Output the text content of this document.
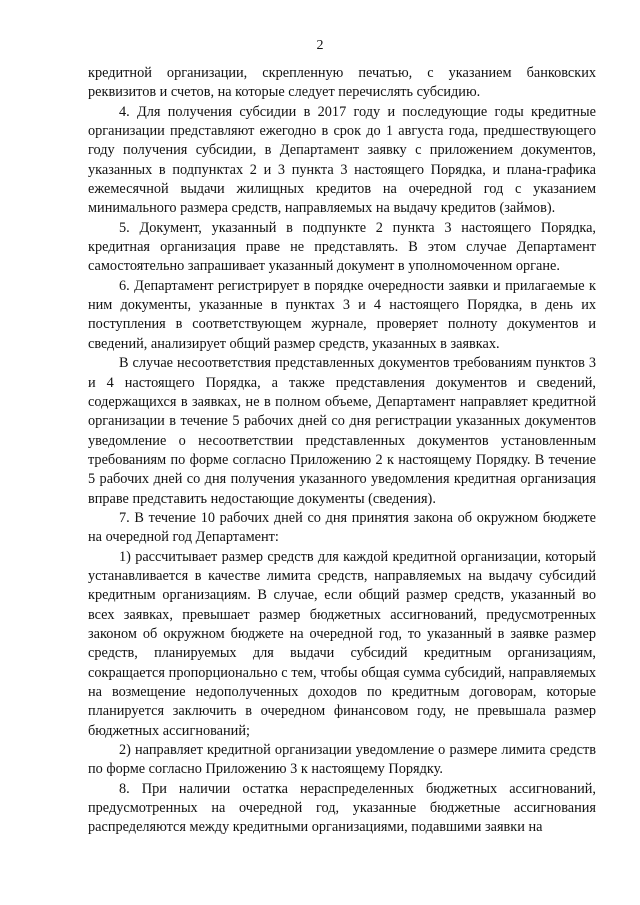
2

кредитной организации, скрепленную печатью, с указанием банковских реквизитов и счетов, на которые следует перечислять субсидию.

4. Для получения субсидии в 2017 году и последующие годы кредитные организации представляют ежегодно в срок до 1 августа года, предшествующего году получения субсидии, в Департамент заявку с приложением документов, указанных в подпунктах 2 и 3 пункта 3 настоящего Порядка, и плана-графика ежемесячной выдачи жилищных кредитов на очередной год с указанием минимального размера средств, направляемых на выдачу кредитов (займов).

5. Документ, указанный в подпункте 2 пункта 3 настоящего Порядка, кредитная организация праве не представлять. В этом случае Департамент самостоятельно запрашивает указанный документ в уполномоченном органе.

6. Департамент регистрирует в порядке очередности заявки и прилагаемые к ним документы, указанные в пунктах 3 и 4 настоящего Порядка, в день их поступления в соответствующем журнале, проверяет полноту документов и сведений, анализирует общий размер средств, указанных в заявках.

В случае несоответствия представленных документов требованиям пунктов 3 и 4 настоящего Порядка, а также представления документов и сведений, содержащихся в заявках, не в полном объеме, Департамент направляет кредитной организации в течение 5 рабочих дней со дня регистрации указанных документов уведомление о несоответствии представленных документов установленным требованиям по форме согласно Приложению 2 к настоящему Порядку. В течение 5 рабочих дней со дня получения указанного уведомления кредитная организация вправе представить недостающие документы (сведения).

7. В течение 10 рабочих дней со дня принятия закона об окружном бюджете на очередной год Департамент:

1) рассчитывает размер средств для каждой кредитной организации, который устанавливается в качестве лимита средств, направляемых на выдачу субсидий кредитным организациям. В случае, если общий размер средств, указанный во всех заявках, превышает размер бюджетных ассигнований, предусмотренных законом об окружном бюджете на очередной год, то указанный в заявке размер средств, планируемых для выдачи субсидий кредитным организациям, сокращается пропорционально с тем, чтобы общая сумма субсидий, направляемых на возмещение недополученных доходов по кредитным договорам, которые планируется заключить в очередном финансовом году, не превышала размер бюджетных ассигнований;

2) направляет кредитной организации уведомление о размере лимита средств по форме согласно Приложению 3 к настоящему Порядку.

8. При наличии остатка нераспределенных бюджетных ассигнований, предусмотренных на очередной год, указанные бюджетные ассигнования распределяются между кредитными организациями, подавшими заявки на
